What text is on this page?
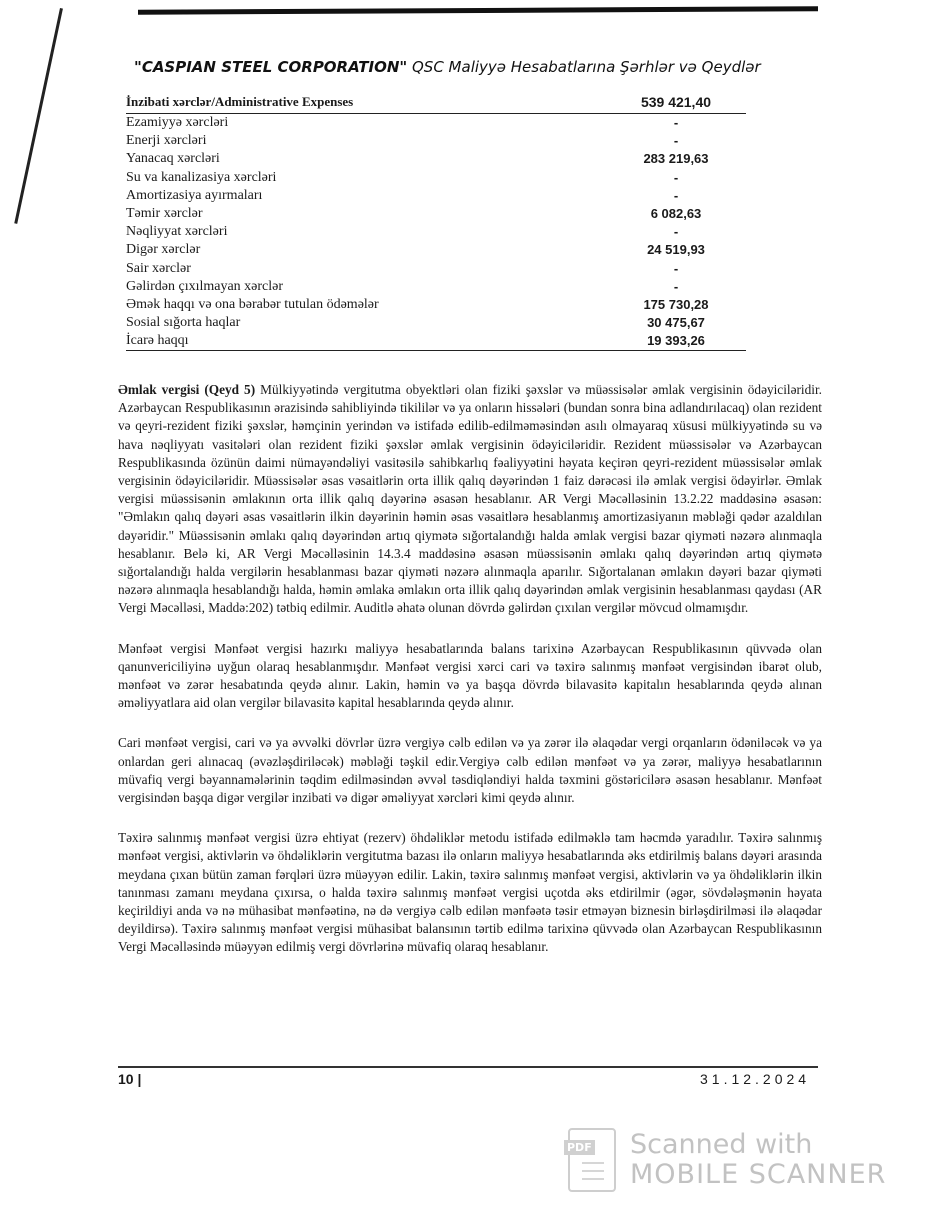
"CASPIAN STEEL CORPORATION" QSC Maliyyə Hesabatlarına Şərhlər və Qeydlər
İnzibati xərclər/Administrative Expenses	539 421,40
Ezamiyyə xərcləri	-
Enerji xərcləri	-
Yanacaq xərcləri	283 219,63
Su va kanalizasiya xərcləri	-
Amortizasiya ayırmaları	-
Təmir xərclər	6 082,63
Nəqliyyat xərcləri	-
Digər xərclər	24 519,93
Sair xərclər	-
Gəlirdən çıxılmayan xərclər	-
Əmək haqqı və ona bərabər tutulan ödəmələr	175 730,28
Sosial sığorta haqlar	30 475,67
İcarə haqqı	19 393,26

Əmlak vergisi (Qeyd 5) Mülkiyyətində vergitutma obyektləri olan fiziki şəxslər və müəssisələr əmlak vergisinin ödəyiciləridir. Azərbaycan Respublikasının ərazisində sahibliyində tikililər və ya onların hissələri (bundan sonra bina adlandırılacaq) olan rezident və qeyri-rezident fiziki şəxslər, həmçinin yerindən və istifadə edilib-edilməməsindən asılı olmayaraq xüsusi mülkiyyətində su və hava nəqliyyatı vasitələri olan rezident fiziki şəxslər əmlak vergisinin ödəyiciləridir. Rezident müəssisələr və Azərbaycan Respublikasında özünün daimi nümayəndəliyi vasitəsilə sahibkarlıq fəaliyyətini həyata keçirən qeyri-rezident müəssisələr əmlak vergisinin ödəyiciləridir. Müəssisələr əsas vəsaitlərin orta illik qalıq dəyərindən 1 faiz dərəcəsi ilə əmlak vergisi ödəyirlər. Əmlak vergisi müəssisənin əmlakının orta illik qalıq dəyərinə əsasən hesablanır. AR Vergi Məcəlləsinin 13.2.22 maddəsinə əsasən: "Əmlakın qalıq dəyəri əsas vəsaitlərin ilkin dəyərinin həmin əsas vəsaitlərə hesablanmış amortizasiyanın məbləği qədər azaldılan dəyəridir." Müəssisənin əmlakı qalıq dəyərindən artıq qiymətə sığortalandığı halda əmlak vergisi bazar qiyməti nəzərə alınmaqla hesablanır. Belə ki, AR Vergi Məcəlləsinin 14.3.4 maddəsinə əsasən müəssisənin əmlakı qalıq dəyərindən artıq qiymətə sığortalandığı halda vergilərin hesablanması bazar qiyməti nəzərə alınmaqla aparılır. Sığortalanan əmlakın dəyəri bazar qiyməti nəzərə alınmaqla hesablandığı halda, həmin əmlaka əmlakın orta illik qalıq dəyərindən əmlak vergisinin hesablanması qaydası (AR Vergi Məcəlləsi, Maddə:202) tətbiq edilmir. Auditlə əhatə olunan dövrdə gəlirdən çıxılan vergilər mövcud olmamışdır.

Mənfəət vergisi Mənfəət vergisi hazırkı maliyyə hesabatlarında balans tarixinə Azərbaycan Respublikasının qüvvədə olan qanunvericiliyinə uyğun olaraq hesablanmışdır. Mənfəət vergisi xərci cari və təxirə salınmış mənfəət vergisindən ibarət olub, mənfəət və zərər hesabatında qeydə alınır. Lakin, həmin və ya başqa dövrdə bilavasitə kapitalın hesablarında qeydə alınan əməliyyatlara aid olan vergilər bilavasitə kapital hesablarında qeydə alınır.

Cari mənfəət vergisi, cari və ya əvvəlki dövrlər üzrə vergiyə cəlb edilən və ya zərər ilə əlaqədar vergi orqanların ödəniləcək və ya onlardan geri alınacaq (əvəzləşdiriləcək) məbləği təşkil edir.Vergiyə cəlb edilən mənfəət və ya zərər, maliyyə hesabatlarının müvafiq vergi bəyannamələrinin təqdim edilməsindən əvvəl təsdiqləndiyi halda təxmini göstəricilərə əsasən hesablanır. Mənfəət vergisindən başqa digər vergilər inzibati və digər əməliyyat xərcləri kimi qeydə alınır.

Təxirə salınmış mənfəət vergisi üzrə ehtiyat (rezerv) öhdəliklər metodu istifadə edilməklə tam həcmdə yaradılır. Təxirə salınmış mənfəət vergisi, aktivlərin və öhdəliklərin vergitutma bazası ilə onların maliyyə hesabatlarında əks etdirilmiş balans dəyəri arasında meydana çıxan bütün zaman fərqləri üzrə müəyyən edilir. Lakin, təxirə salınmış mənfəət vergisi, aktivlərin və ya öhdəliklərin ilkin tanınması zamanı meydana çıxırsa, o halda təxirə salınmış mənfəət vergisi uçotda əks etdirilmir (əgər, sövdələşmənin həyata keçirildiyi anda və nə mühasibat mənfəətinə, nə də vergiyə cəlb edilən mənfəətə təsir etməyən biznesin birləşdirilməsi ilə əlaqədar deyildirsə). Təxirə salınmış mənfəət vergisi mühasibat balansının tərtib edilmə tarixinə qüvvədə olan Azərbaycan Respublikasının Vergi Məcəlləsində müəyyən edilmiş vergi dövrlərinə müvafiq olaraq hesablanır.

10 |	31.12.2024
PDF Scanned with
MOBILE SCANNER
